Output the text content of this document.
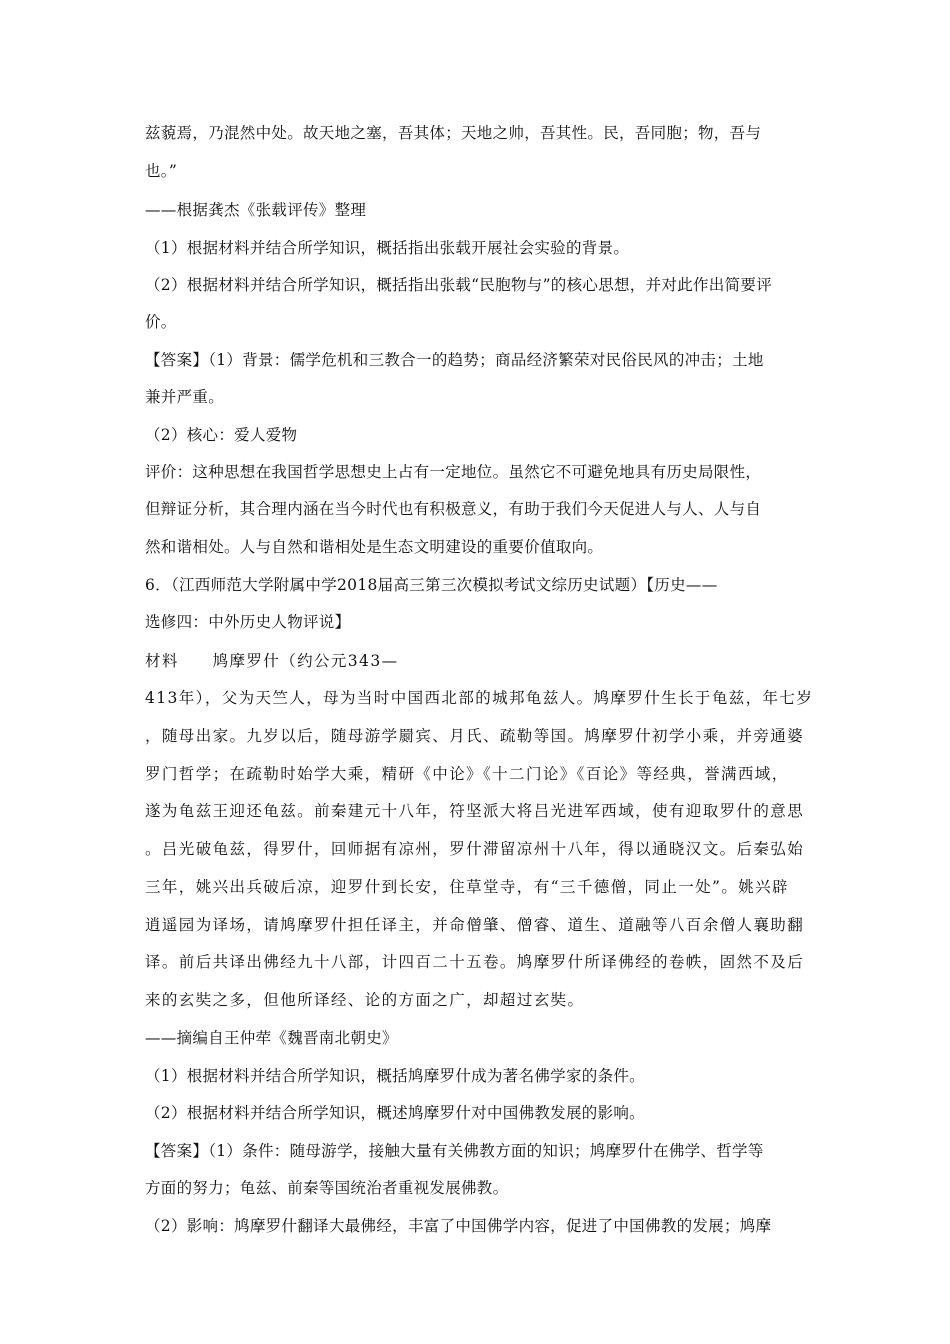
兹藐焉，乃混然中处。故天地之塞，吾其体；天地之帅，吾其性。民，吾同胞；物，吾与
也。”
——根据龚杰《张载评传》整理
（1）根据材料并结合所学知识，概括指出张载开展社会实验的背景。
（2）根据材料并结合所学知识，概括指出张载“民胞物与”的核心思想，并对此作出简要评
价。
【答案】（1）背景：儒学危机和三教合一的趋势；商品经济繁荣对民俗民风的冲击；土地
兼并严重。
（2）核心：爱人爱物
评价：这种思想在我国哲学思想史上占有一定地位。虽然它不可避免地具有历史局限性，
但辩证分析，其合理内涵在当今时代也有积极意义，有助于我们今天促进人与人、人与自
然和谐相处。人与自然和谐相处是生态文明建设的重要价值取向。
6．（江西师范大学附属中学2018届高三第三次模拟考试文综历史试题）【历史——
选修四：中外历史人物评说】
材料　　鸠摩罗什（约公元343—
413年），父为天竺人，母为当时中国西北部的城邦龟兹人。鸠摩罗什生长于龟兹，年七岁
，随母出家。九岁以后，随母游学罽宾、月氏、疏勒等国。鸠摩罗什初学小乘，并旁通婆
罗门哲学；在疏勒时始学大乘，精研《中论》《十二门论》《百论》等经典，誉满西域，
遂为龟兹王迎还龟兹。前秦建元十八年，符坚派大将吕光进军西域，使有迎取罗什的意思
。吕光破龟兹，得罗什，回师据有凉州，罗什滞留凉州十八年，得以通晓汉文。后秦弘始
三年，姚兴出兵破后凉，迎罗什到长安，住草堂寺，有“三千德僧，同止一处”。姚兴辟
逍遥园为译场，请鸠摩罗什担任译主，并命僧肇、僧睿、道生、道融等八百余僧人襄助翻
译。前后共译出佛经九十八部，计四百二十五卷。鸠摩罗什所译佛经的卷帙，固然不及后
来的玄奘之多，但他所译经、论的方面之广，却超过玄奘。
——摘编自王仲荦《魏晋南北朝史》
（1）根据材料并结合所学知识，概括鸠摩罗什成为著名佛学家的条件。
（2）根据材料并结合所学知识，概述鸠摩罗什对中国佛教发展的影响。
【答案】（1）条件：随母游学，接触大量有关佛教方面的知识；鸠摩罗什在佛学、哲学等
方面的努力；龟兹、前秦等国统治者重视发展佛教。
（2）影响：鸠摩罗什翻译大最佛经，丰富了中国佛学内容，促进了中国佛教的发展；鸠摩
